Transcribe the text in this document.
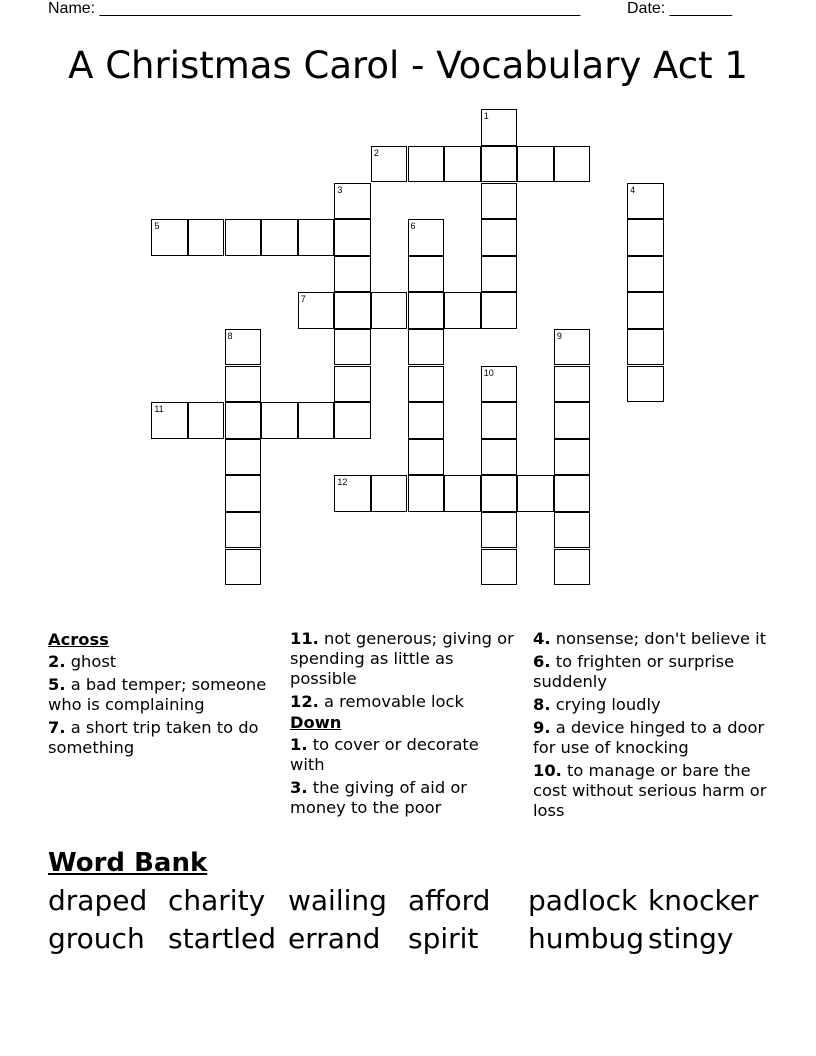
Name: ______________________________________________________	Date: _______
A Christmas Carol - Vocabulary Act 1
1
2
3	4
5	6
7
8	9
10
11
12
Across
2. ghost
5. a bad temper; someone who is complaining
7. a short trip taken to do something
11. not generous; giving or spending as little as possible
12. a removable lock
Down
1. to cover or decorate with
3. the giving of aid or money to the poor
4. nonsense; don't believe it
6. to frighten or surprise suddenly
8. crying loudly
9. a device hinged to a door for use of knocking
10. to manage or bare the cost without serious harm or loss
Word Bank
draped charity wailing afford padlock knocker
grouch startled errand spirit humbug stingy
